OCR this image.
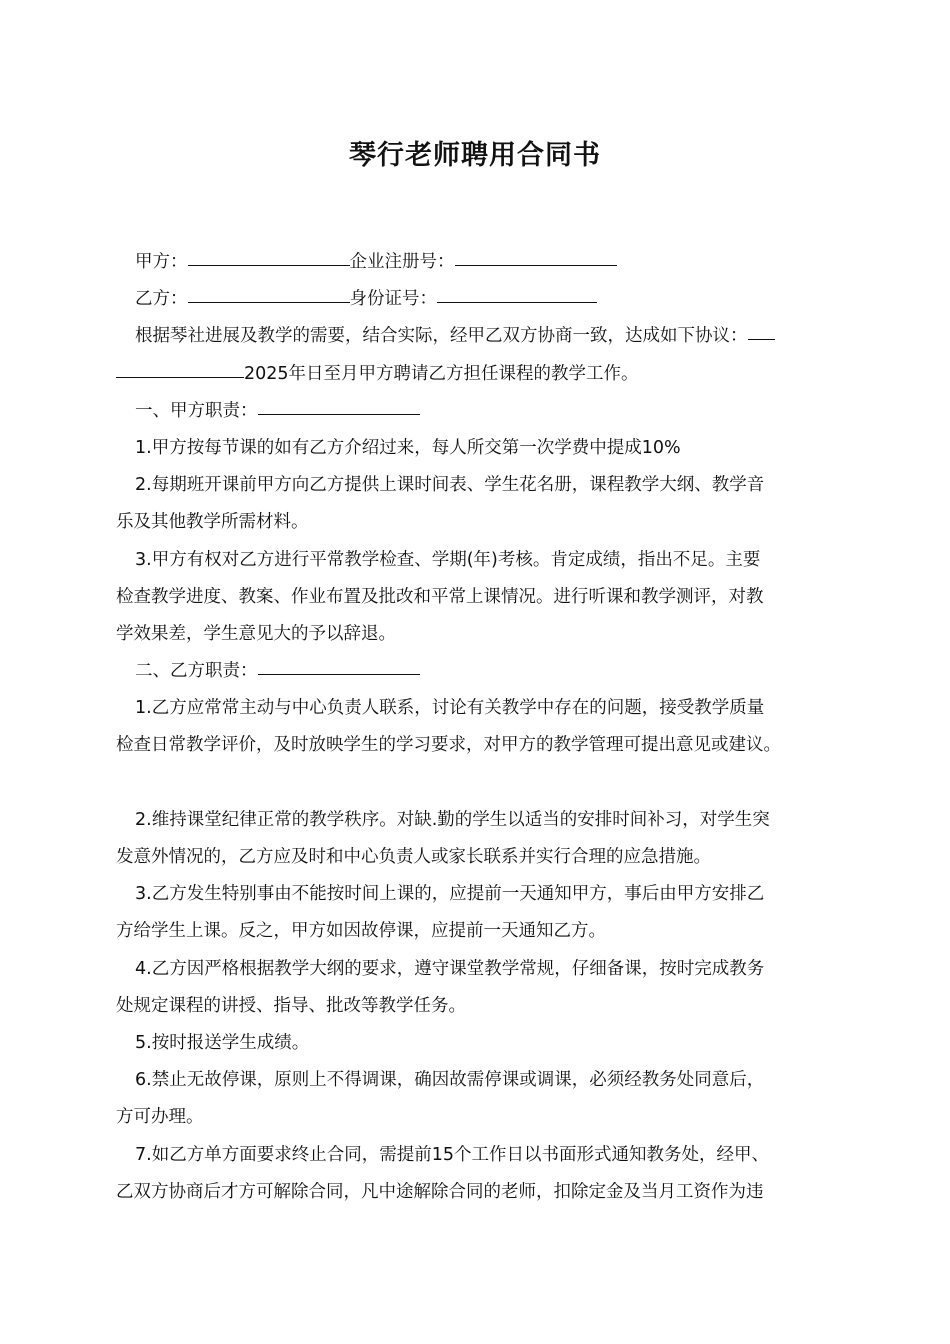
琴行老师聘用合同书
甲方：	企业注册号：
乙方：	身份证号：
根据琴社进展及教学的需要，结合实际，经甲乙双方协商一致，达成如下协议：
2025年日至月甲方聘请乙方担任课程的教学工作。
一、甲方职责：
1.甲方按每节课的如有乙方介绍过来，每人所交第一次学费中提成10%
2.每期班开课前甲方向乙方提供上课时间表、学生花名册，课程教学大纲、教学音
乐及其他教学所需材料。
3.甲方有权对乙方进行平常教学检查、学期(年)考核。肯定成绩，指出不足。主要
检查教学进度、教案、作业布置及批改和平常上课情况。进行听课和教学测评，对教
学效果差，学生意见大的予以辞退。
二、乙方职责：
1.乙方应常常主动与中心负责人联系，讨论有关教学中存在的问题，接受教学质量
检查日常教学评价，及时放映学生的学习要求，对甲方的教学管理可提出意见或建议。
2.维持课堂纪律正常的教学秩序。对缺.勤的学生以适当的安排时间补习，对学生突
发意外情况的，乙方应及时和中心负责人或家长联系并实行合理的应急措施。
3.乙方发生特别事由不能按时间上课的，应提前一天通知甲方，事后由甲方安排乙
方给学生上课。反之，甲方如因故停课，应提前一天通知乙方。
4.乙方因严格根据教学大纲的要求，遵守课堂教学常规，仔细备课，按时完成教务
处规定课程的讲授、指导、批改等教学任务。
5.按时报送学生成绩。
6.禁止无故停课，原则上不得调课，确因故需停课或调课，必须经教务处同意后，
方可办理。
7.如乙方单方面要求终止合同，需提前15个工作日以书面形式通知教务处，经甲、
乙双方协商后才方可解除合同，凡中途解除合同的老师，扣除定金及当月工资作为违
